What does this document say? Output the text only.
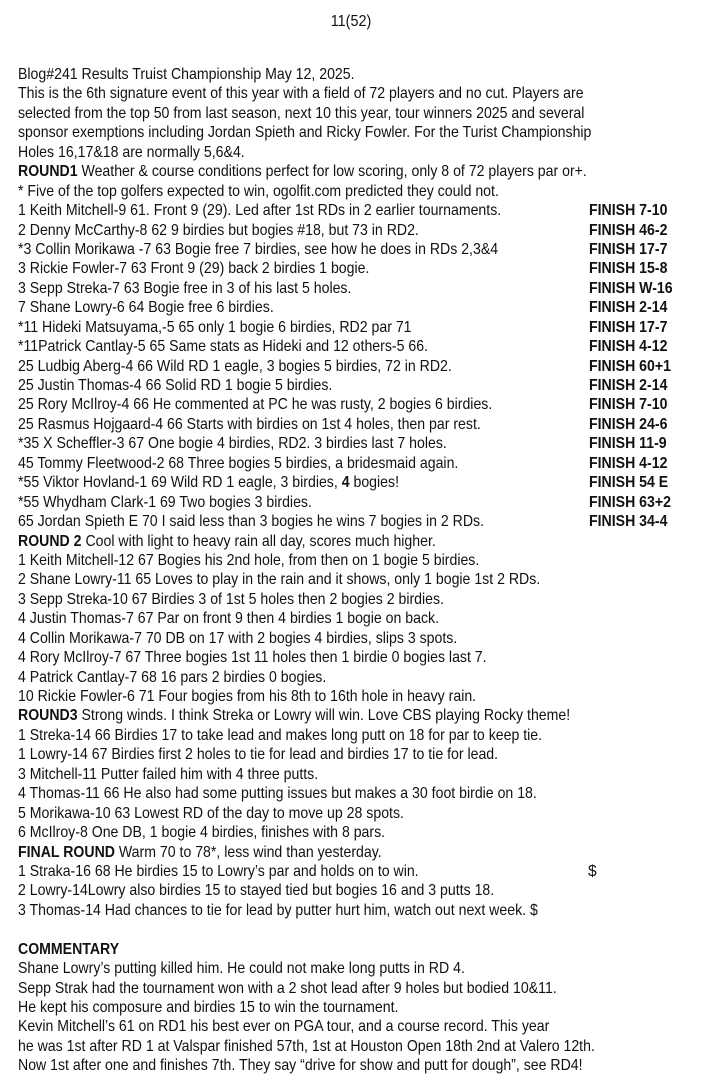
11(52)
Blog#241 Results Truist Championship May 12, 2025.
This is the 6th signature event of this year with a field of 72 players and no cut. Players are
selected from the top 50 from last season, next 10 this year, tour winners 2025 and several
sponsor exemptions including Jordan Spieth and Ricky Fowler. For the Turist Championship
Holes 16,17&18 are normally 5,6&4.
ROUND1 Weather & course conditions perfect for low scoring, only 8 of 72 players par or+.
* Five of the top golfers expected to win, ogolfit.com predicted they could not.
1 Keith Mitchell-9 61. Front 9 (29). Led after 1st RDs in 2 earlier tournaments.	FINISH 7-10
2 Denny McCarthy-8 62 9 birdies but bogies #18, but 73 in RD2.	FINISH 46-2
*3 Collin Morikawa -7 63 Bogie free 7 birdies, see how he does in RDs 2,3&4	FINISH 17-7
3 Rickie Fowler-7 63 Front 9 (29) back 2 birdies 1 bogie.	FINISH 15-8
3 Sepp Streka-7 63 Bogie free in 3 of his last 5 holes.	FINISH W-16
7 Shane Lowry-6 64 Bogie free 6 birdies.	FINISH 2-14
*11 Hideki Matsuyama,-5 65 only 1 bogie 6 birdies, RD2 par 71	FINISH 17-7
*11Patrick Cantlay-5 65 Same stats as Hideki and 12 others-5 66.	FINISH 4-12
25 Ludbig Aberg-4 66 Wild RD 1 eagle, 3 bogies 5 birdies, 72 in RD2.	FINISH 60+1
25 Justin Thomas-4 66 Solid RD 1 bogie 5 birdies.	FINISH 2-14
25 Rory McIlroy-4 66 He commented at PC he was rusty, 2 bogies 6 birdies.	FINISH 7-10
25 Rasmus Hojgaard-4 66 Starts with birdies on 1st 4 holes, then par rest.	FINISH 24-6
*35 X Scheffler-3 67 One bogie 4 birdies, RD2. 3 birdies last 7 holes.	FINISH 11-9
45 Tommy Fleetwood-2 68 Three bogies 5 birdies, a bridesmaid again.	FINISH 4-12
*55 Viktor Hovland-1 69 Wild RD 1 eagle, 3 birdies, 4 bogies!	FINISH 54 E
*55 Whydham Clark-1 69 Two bogies 3 birdies.	FINISH 63+2
65 Jordan Spieth E 70 I said less than 3 bogies he wins 7 bogies in 2 RDs.	FINISH 34-4
ROUND 2 Cool with light to heavy rain all day, scores much higher.
1 Keith Mitchell-12 67 Bogies his 2nd hole, from then on 1 bogie 5 birdies.
2 Shane Lowry-11 65 Loves to play in the rain and it shows, only 1 bogie 1st 2 RDs.
3 Sepp Streka-10 67 Birdies 3 of 1st 5 holes then 2 bogies 2 birdies.
4 Justin Thomas-7 67 Par on front 9 then 4 birdies 1 bogie on back.
4 Collin Morikawa-7 70 DB on 17 with 2 bogies 4 birdies, slips 3 spots.
4 Rory McIlroy-7 67 Three bogies 1st 11 holes then 1 birdie 0 bogies last 7.
4 Patrick Cantlay-7 68 16 pars 2 birdies 0 bogies.
10 Rickie Fowler-6 71 Four bogies from his 8th to 16th hole in heavy rain.
ROUND3 Strong winds. I think Streka or Lowry will win. Love CBS playing Rocky theme!
1 Streka-14 66 Birdies 17 to take lead and makes long putt on 18 for par to keep tie.
1 Lowry-14 67 Birdies first 2 holes to tie for lead and birdies 17 to tie for lead.
3 Mitchell-11 Putter failed him with 4 three putts.
4 Thomas-11 66 He also had some putting issues but makes a 30 foot birdie on 18.
5 Morikawa-10 63 Lowest RD of the day to move up 28 spots.
6 McIlroy-8 One DB, 1 bogie 4 birdies, finishes with 8 pars.
FINAL ROUND Warm 70 to 78*, less wind than yesterday.
1 Straka-16 68 He birdies 15 to Lowry’s par and holds on to win.	$
2 Lowry-14Lowry also birdies 15 to stayed tied but bogies 16 and 3 putts 18.
3 Thomas-14 Had chances to tie for lead by putter hurt him, watch out next week. $
COMMENTARY
Shane Lowry’s putting killed him. He could not make long putts in RD 4.
Sepp Strak had the tournament won with a 2 shot lead after 9 holes but bodied 10&11.
He kept his composure and birdies 15 to win the tournament.
Kevin Mitchell’s 61 on RD1 his best ever on PGA tour, and a course record. This year
he was 1st after RD 1 at Valspar finished 57th, 1st at Houston Open 18th 2nd at Valero 12th.
Now 1st after one and finishes 7th. They say “drive for show and putt for dough”, see RD4!
